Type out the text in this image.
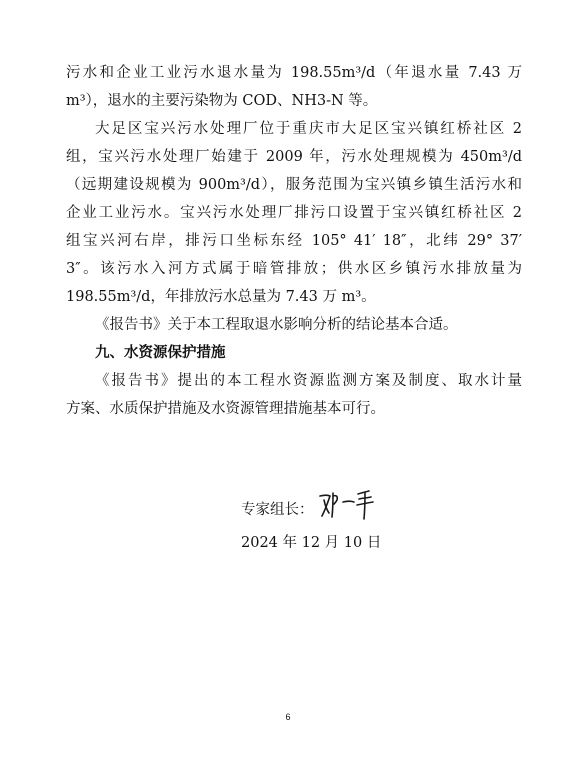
污水和企业工业污水退水量为 198.55m³/d（年退水量 7.43 万
m³），退水的主要污染物为 COD、NH3-N 等。
大足区宝兴污水处理厂位于重庆市大足区宝兴镇红桥社区 2
组，宝兴污水处理厂始建于 2009 年，污水处理规模为 450m³/d
（远期建设规模为 900m³/d），服务范围为宝兴镇乡镇生活污水和
企业工业污水。宝兴污水处理厂排污口设置于宝兴镇红桥社区 2
组宝兴河右岸，排污口坐标东经 105° 41′ 18″，北纬 29° 37′
3″。该污水入河方式属于暗管排放；供水区乡镇污水排放量为
198.55m³/d，年排放污水总量为 7.43 万 m³。
《报告书》关于本工程取退水影响分析的结论基本合适。
九、水资源保护措施
《报告书》提出的本工程水资源监测方案及制度、取水计量
方案、水质保护措施及水资源管理措施基本可行。
专家组长：
2024 年 12 月 10 日
6
